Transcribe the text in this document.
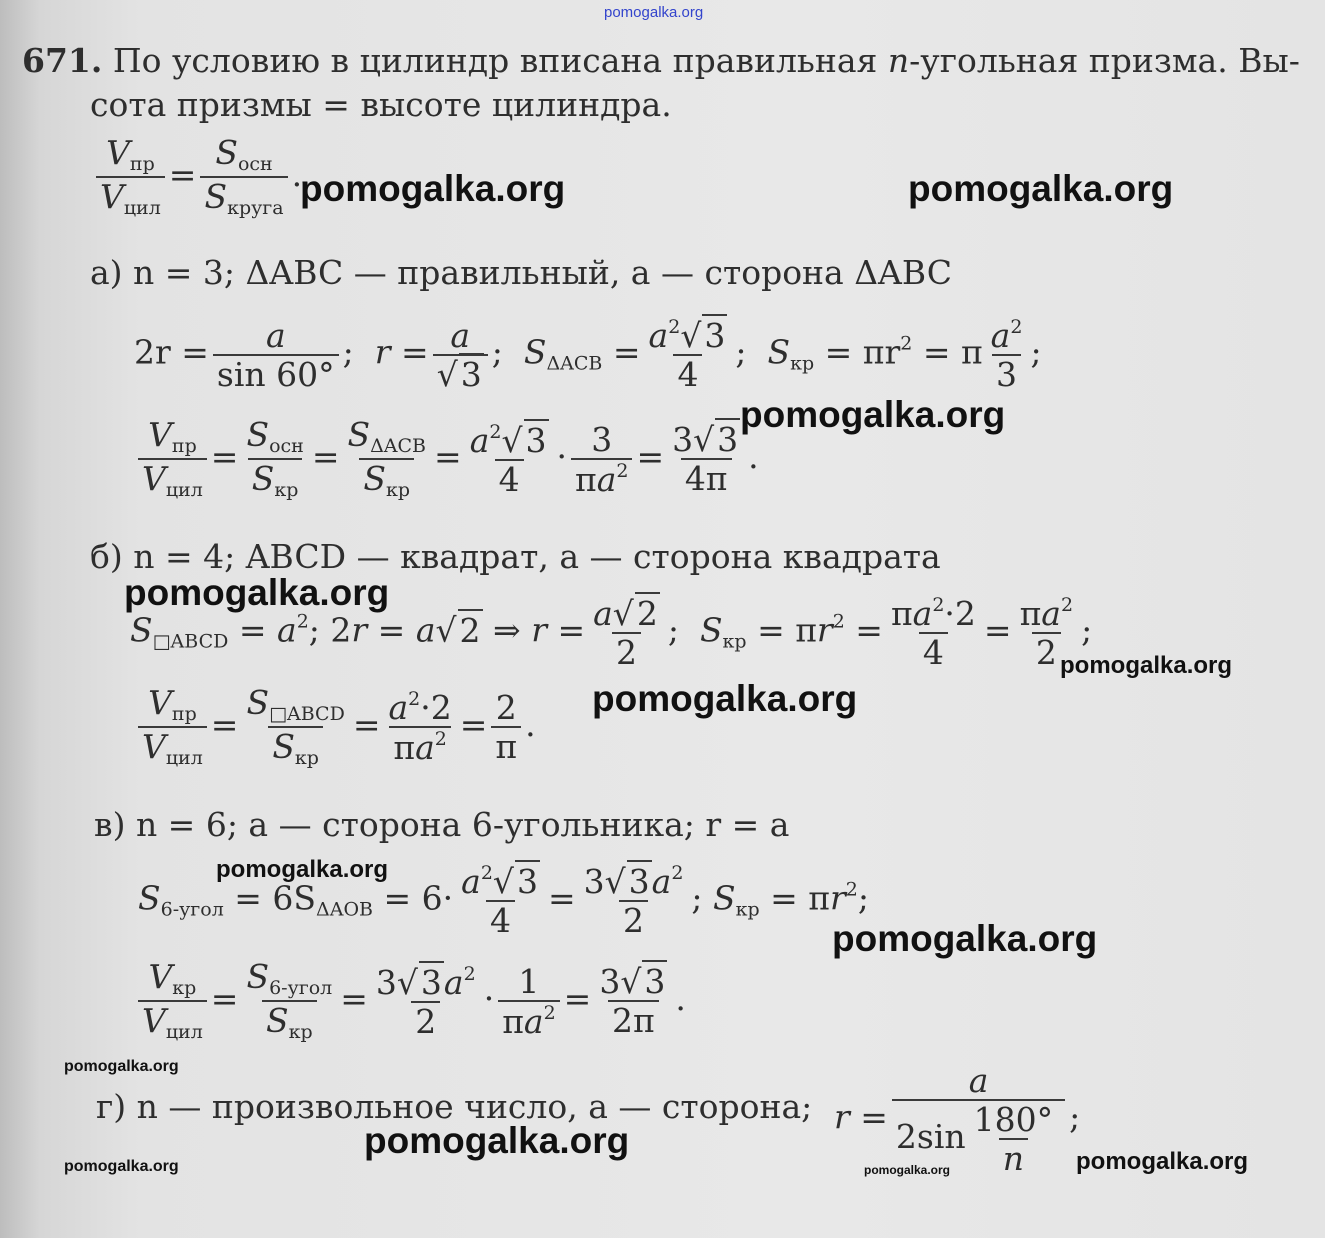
pomogalka.org
671. По условию в цилиндр вписана правильная n-угольная призма. Вы-
сота призмы = высоте цилиндра.
$\frac{V_{пр}}{V_{цил}} = \frac{S_{осн}}{S_{круга}}$ .
а) n = 3; ΔABC — правильный, a — сторона ΔABC
$2r = \frac{a}{\sin 60^\circ}$ ;  $r = \frac{a}{√3}$ ;  $S_{\Delta ACB} = \frac{a^2√3}{4}$ ;  $S_{кр} = \pi r^2 = \pi \frac{a^2}{3}$ ;
$\frac{V_{пр}}{V_{цил}} = \frac{S_{осн}}{S_{кр}} = \frac{S_{\Delta ACB}}{S_{кр}} = \frac{a^2√3}{4} \cdot \frac{3}{\pi a^2} = \frac{3√3}{4\pi}$ .
б) n = 4; ABCD — квадрат, a — сторона квадрата
$S_{□ABCD} = a^2$; 2r = a√2 ⇒ $r = \frac{a√2}{2}$ ;  $S_{кр} = \pi r^2 = \frac{\pi a^2\cdot 2}{4} = \frac{\pi a^2}{2}$ ;
$\frac{V_{пр}}{V_{цил}} = \frac{S_{□ABCD}}{S_{кр}} = \frac{a^2\cdot 2}{\pi a^2} = \frac{2}{\pi}$ .
в) n = 6; a — сторона 6-угольника; r = a
$S_{6-угол} = 6S_{\Delta AOB} = 6\cdot \frac{a^2√3}{4} = \frac{3√3a^2}{2}$ ; $S_{кр} = \pi r^2$;
$\frac{V_{кр}}{V_{цил}} = \frac{S_{6-угол}}{S_{кр}} = \frac{3√3a^2}{2} \cdot \frac{1}{\pi a^2} = \frac{3√3}{2\pi}$ .
г) n — произвольное число, a — сторона; $r = \frac{a}{2\sin \frac{180^\circ}{n}}$ ;
pomogalka.org	pomogalka.org
pomogalka.org
pomogalka.org
pomogalka.org
pomogalka.org
pomogalka.org
pomogalka.org
pomogalka.org
pomogalka.org
pomogalka.org	pomogalka.org	pomogalka.org
